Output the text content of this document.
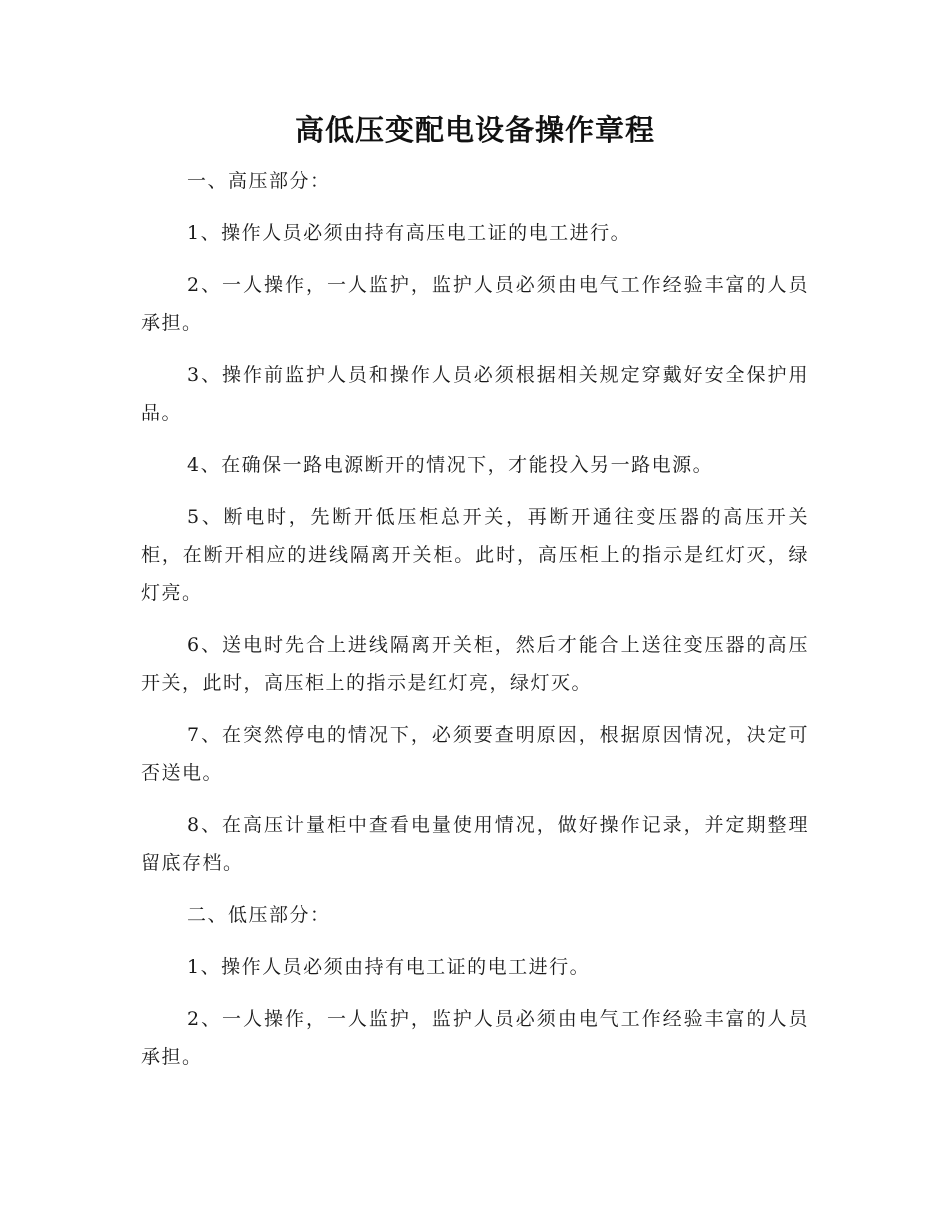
高低压变配电设备操作章程

一、高压部分：

1、操作人员必须由持有高压电工证的电工进行。

2、一人操作，一人监护，监护人员必须由电气工作经验丰富的人员承担。

3、操作前监护人员和操作人员必须根据相关规定穿戴好安全保护用品。

4、在确保一路电源断开的情况下，才能投入另一路电源。

5、断电时，先断开低压柜总开关，再断开通往变压器的高压开关柜，在断开相应的进线隔离开关柜。此时，高压柜上的指示是红灯灭，绿灯亮。

6、送电时先合上进线隔离开关柜，然后才能合上送往变压器的高压开关，此时，高压柜上的指示是红灯亮，绿灯灭。

7、在突然停电的情况下，必须要查明原因，根据原因情况，决定可否送电。

8、在高压计量柜中查看电量使用情况，做好操作记录，并定期整理留底存档。

二、低压部分：

1、操作人员必须由持有电工证的电工进行。

2、一人操作，一人监护，监护人员必须由电气工作经验丰富的人员承担。
